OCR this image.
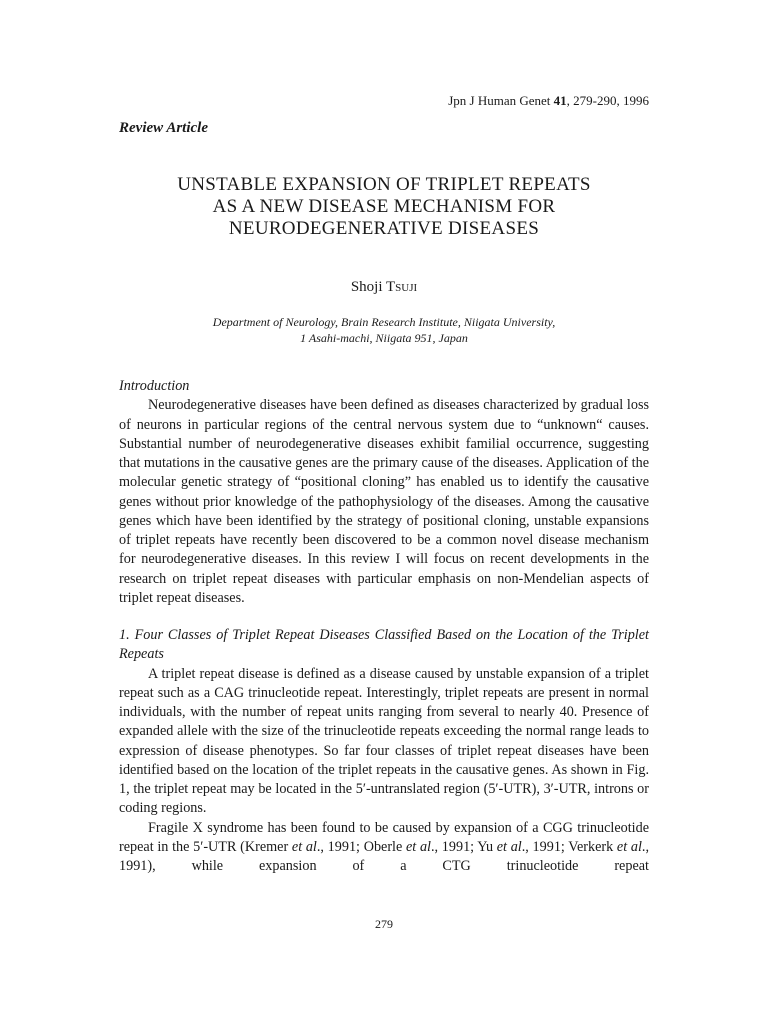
Jpn J Human Genet 41, 279-290, 1996
Review Article
UNSTABLE EXPANSION OF TRIPLET REPEATS
AS A NEW DISEASE MECHANISM FOR
NEURODEGENERATIVE DISEASES
Shoji TSUJI
Department of Neurology, Brain Research Institute, Niigata University,
1 Asahi-machi, Niigata 951, Japan
Introduction
Neurodegenerative diseases have been defined as diseases characterized by gradual loss of neurons in particular regions of the central nervous system due to “unknown“ causes. Substantial number of neurodegenerative diseases exhibit familial occurrence, suggesting that mutations in the causative genes are the primary cause of the diseases. Application of the molecular genetic strategy of “positional cloning” has enabled us to identify the causative genes without prior knowledge of the pathophysiology of the diseases. Among the causative genes which have been identified by the strategy of positional cloning, unstable expansions of triplet repeats have recently been discovered to be a common novel disease mechanism for neurodegenerative diseases. In this review I will focus on recent developments in the research on triplet repeat diseases with particular emphasis on non-Mendelian aspects of triplet repeat diseases.
1. Four Classes of Triplet Repeat Diseases Classified Based on the Location of the Triplet Repeats
A triplet repeat disease is defined as a disease caused by unstable expansion of a triplet repeat such as a CAG trinucleotide repeat. Interestingly, triplet repeats are present in normal individuals, with the number of repeat units ranging from several to nearly 40. Presence of expanded allele with the size of the trinucleotide repeats exceeding the normal range leads to expression of disease phenotypes. So far four classes of triplet repeat diseases have been identified based on the location of the triplet repeats in the causative genes. As shown in Fig. 1, the triplet repeat may be located in the 5′-untranslated region (5′-UTR), 3′-UTR, introns or coding regions.
Fragile X syndrome has been found to be caused by expansion of a CGG trinucleotide repeat in the 5′-UTR (Kremer et al., 1991; Oberle et al., 1991; Yu et al., 1991; Verkerk et al., 1991), while expansion of a CTG trinucleotide repeat
279
